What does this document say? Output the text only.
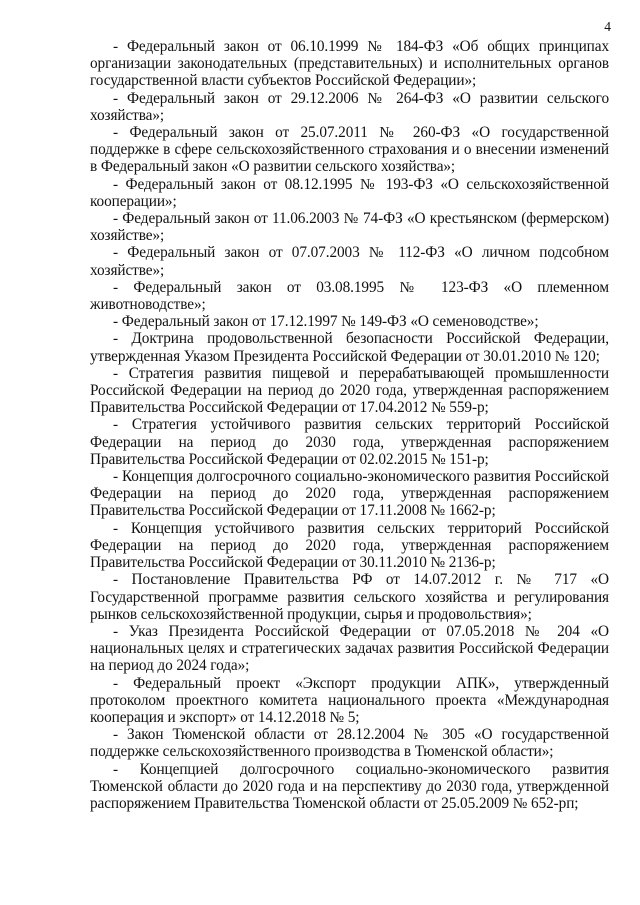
4

- Федеральный закон от 06.10.1999 № 184-ФЗ «Об общих принципах организации законодательных (представительных) и исполнительных органов государственной власти субъектов Российской Федерации»;

- Федеральный закон от 29.12.2006 № 264-ФЗ «О развитии сельского хозяйства»;

- Федеральный закон от 25.07.2011 № 260-ФЗ «О государственной поддержке в сфере сельскохозяйственного страхования и о внесении изменений в Федеральный закон «О развитии сельского хозяйства»;

- Федеральный закон от 08.12.1995 № 193-ФЗ «О сельскохозяйственной кооперации»;

- Федеральный закон от 11.06.2003 № 74-ФЗ «О крестьянском (фермерском) хозяйстве»;

- Федеральный закон от 07.07.2003 № 112-ФЗ «О личном подсобном хозяйстве»;

- Федеральный закон от 03.08.1995 № 123-ФЗ «О племенном животноводстве»;

- Федеральный закон от 17.12.1997 № 149-ФЗ «О семеноводстве»;

- Доктрина продовольственной безопасности Российской Федерации, утвержденная Указом Президента Российской Федерации от 30.01.2010 № 120;

- Стратегия развития пищевой и перерабатывающей промышленности Российской Федерации на период до 2020 года, утвержденная распоряжением Правительства Российской Федерации от 17.04.2012 № 559-р;

- Стратегия устойчивого развития сельских территорий Российской Федерации на период до 2030 года, утвержденная распоряжением Правительства Российской Федерации от 02.02.2015 № 151-р;

- Концепция долгосрочного социально-экономического развития Российской Федерации на период до 2020 года, утвержденная распоряжением Правительства Российской Федерации от 17.11.2008 № 1662-р;

- Концепция устойчивого развития сельских территорий Российской Федерации на период до 2020 года, утвержденная распоряжением Правительства Российской Федерации от 30.11.2010 № 2136-р;

- Постановление Правительства РФ от 14.07.2012 г. № 717 «О Государственной программе развития сельского хозяйства и регулирования рынков сельскохозяйственной продукции, сырья и продовольствия»;

- Указ Президента Российской Федерации от 07.05.2018 № 204 «О национальных целях и стратегических задачах развития Российской Федерации на период до 2024 года»;

- Федеральный проект «Экспорт продукции АПК», утвержденный протоколом проектного комитета национального проекта «Международная кооперация и экспорт» от 14.12.2018 № 5;

- Закон Тюменской области от 28.12.2004 № 305 «О государственной поддержке сельскохозяйственного производства в Тюменской области»;

- Концепцией долгосрочного социально-экономического развития Тюменской области до 2020 года и на перспективу до 2030 года, утвержденной распоряжением Правительства Тюменской области от 25.05.2009 № 652-рп;
